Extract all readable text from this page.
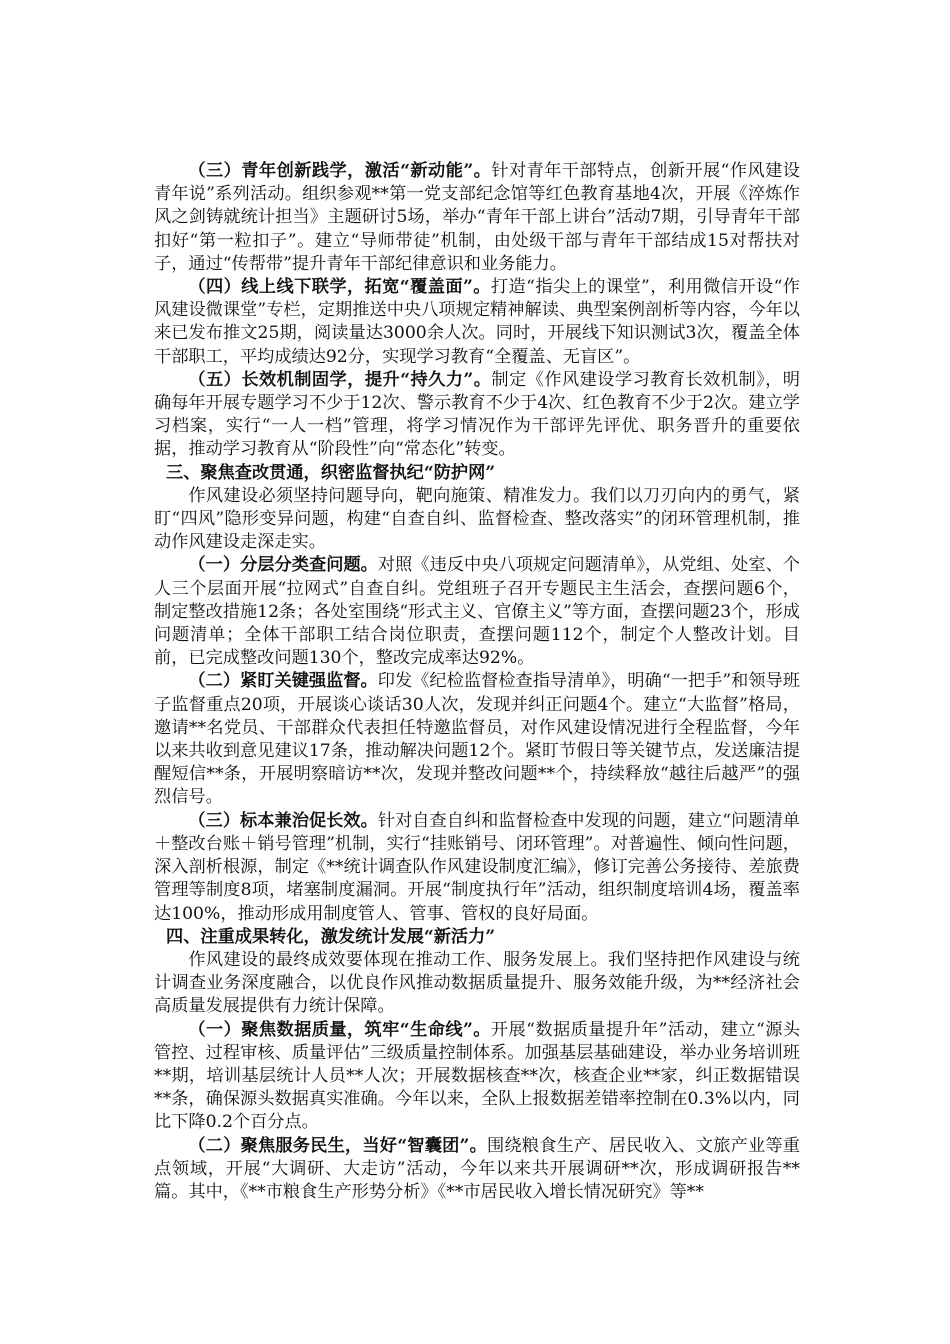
（三）青年创新践学，激活“新动能”。针对青年干部特点，创新开展“作风建设青年说”系列活动。组织参观**第一党支部纪念馆等红色教育基地4次，开展《淬炼作风之剑铸就统计担当》主题研讨5场，举办“青年干部上讲台”活动7期，引导青年干部扣好“第一粒扣子”。建立“导师带徒”机制，由处级干部与青年干部结成15对帮扶对子，通过“传帮带”提升青年干部纪律意识和业务能力。

（四）线上线下联学，拓宽“覆盖面”。打造“指尖上的课堂”，利用微信开设“作风建设微课堂”专栏，定期推送中央八项规定精神解读、典型案例剖析等内容，今年以来已发布推文25期，阅读量达3000余人次。同时，开展线下知识测试3次，覆盖全体干部职工，平均成绩达92分，实现学习教育“全覆盖、无盲区”。

（五）长效机制固学，提升“持久力”。制定《作风建设学习教育长效机制》，明确每年开展专题学习不少于12次、警示教育不少于4次、红色教育不少于2次。建立学习档案，实行“一人一档”管理，将学习情况作为干部评先评优、职务晋升的重要依据，推动学习教育从“阶段性”向“常态化”转变。

三、聚焦查改贯通，织密监督执纪“防护网”

作风建设必须坚持问题导向，靶向施策、精准发力。我们以刀刃向内的勇气，紧盯“四风”隐形变异问题，构建“自查自纠、监督检查、整改落实”的闭环管理机制，推动作风建设走深走实。

（一）分层分类查问题。对照《违反中央八项规定问题清单》，从党组、处室、个人三个层面开展“拉网式”自查自纠。党组班子召开专题民主生活会，查摆问题6个，制定整改措施12条；各处室围绕“形式主义、官僚主义”等方面，查摆问题23个，形成问题清单；全体干部职工结合岗位职责，查摆问题112个，制定个人整改计划。目前，已完成整改问题130个，整改完成率达92%。

（二）紧盯关键强监督。印发《纪检监督检查指导清单》，明确“一把手”和领导班子监督重点20项，开展谈心谈话30人次，发现并纠正问题4个。建立“大监督”格局，邀请**名党员、干部群众代表担任特邀监督员，对作风建设情况进行全程监督，今年以来共收到意见建议17条，推动解决问题12个。紧盯节假日等关键节点，发送廉洁提醒短信**条，开展明察暗访**次，发现并整改问题**个，持续释放“越往后越严”的强烈信号。

（三）标本兼治促长效。针对自查自纠和监督检查中发现的问题，建立“问题清单＋整改台账＋销号管理”机制，实行“挂账销号、闭环管理”。对普遍性、倾向性问题，深入剖析根源，制定《**统计调查队作风建设制度汇编》，修订完善公务接待、差旅费管理等制度8项，堵塞制度漏洞。开展“制度执行年”活动，组织制度培训4场，覆盖率达100%，推动形成用制度管人、管事、管权的良好局面。

四、注重成果转化，激发统计发展“新活力”

作风建设的最终成效要体现在推动工作、服务发展上。我们坚持把作风建设与统计调查业务深度融合，以优良作风推动数据质量提升、服务效能升级，为**经济社会高质量发展提供有力统计保障。

（一）聚焦数据质量，筑牢“生命线”。开展“数据质量提升年”活动，建立“源头管控、过程审核、质量评估”三级质量控制体系。加强基层基础建设，举办业务培训班**期，培训基层统计人员**人次；开展数据核查**次，核查企业**家，纠正数据错误**条，确保源头数据真实准确。今年以来，全队上报数据差错率控制在0.3%以内，同比下降0.2个百分点。

（二）聚焦服务民生，当好“智囊团”。围绕粮食生产、居民收入、文旅产业等重点领域，开展“大调研、大走访”活动，今年以来共开展调研**次，形成调研报告**篇。其中，《**市粮食生产形势分析》《**市居民收入增长情况研究》等**
